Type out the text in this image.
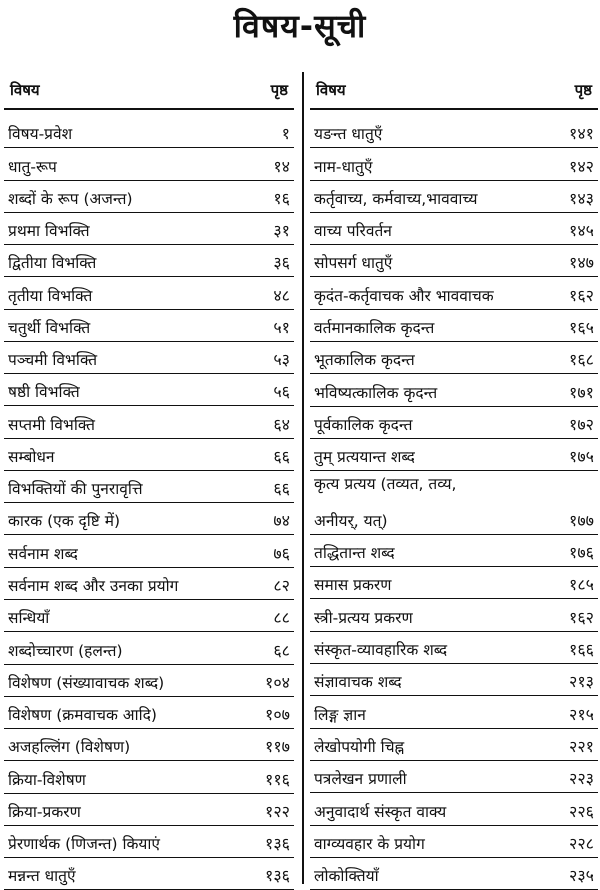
विषय-सूची
विषय	पृष्ठ
विषय-प्रवेश	१
धातु-रूप	१४
शब्दों के रूप (अजन्त)	१६
प्रथमा विभक्ति	३१
द्वितीया विभक्ति	३६
तृतीया विभक्ति	४८
चतुर्थी विभक्ति	५१
पञ्चमी विभक्ति	५३
षष्ठी विभक्ति	५६
सप्तमी विभक्ति	६४
सम्बोधन	६६
विभक्तियों की पुनरावृत्ति	६६
कारक (एक दृष्टि में)	७४
सर्वनाम शब्द	७६
सर्वनाम शब्द और उनका प्रयोग	८२
सन्धियाँ	८८
शब्दोच्चारण (हलन्त)	६८
विशेषण (संख्यावाचक शब्द)	१०४
विशेषण (क्रमवाचक आदि)	१०७
अजहल्लिंग (विशेषण)	११७
क्रिया-विशेषण	११६
क्रिया-प्रकरण	१२२
प्रेरणार्थक (णिजन्त) कियाएं	१३६
मन्नन्त धातुएँ	१३६
विषय	पृष्ठ
यङन्त धातुएँ	१४१
नाम-धातुएँ	१४२
कर्तृवाच्य, कर्मवाच्य,भाववाच्य	१४३
वाच्य परिवर्तन	१४५
सोपसर्ग धातुएँ	१४७
कृदंत-कर्तृवाचक और भाववाचक	१६२
वर्तमानकालिक कृदन्त	१६५
भूतकालिक कृदन्त	१६८
भविष्यत्कालिक कृदन्त	१७१
पूर्वकालिक कृदन्त	१७२
तुम् प्रत्ययान्त शब्द	१७५
कृत्य प्रत्यय (तव्यत, तव्य,
अनीयर्, यत्)	१७७
तद्धितान्त शब्द	१७६
समास प्रकरण	१८५
स्त्री-प्रत्यय प्रकरण	१६२
संस्कृत-व्यावहारिक शब्द	१६६
संज्ञावाचक शब्द	२१३
लिङ्ग ज्ञान	२१५
लेखोपयोगी चिह्न	२२१
पत्रलेखन प्रणाली	२२३
अनुवादार्थ संस्कृत वाक्य	२२६
वाग्व्यवहार के प्रयोग	२२८
लोकोक्तियाँ	२३५
